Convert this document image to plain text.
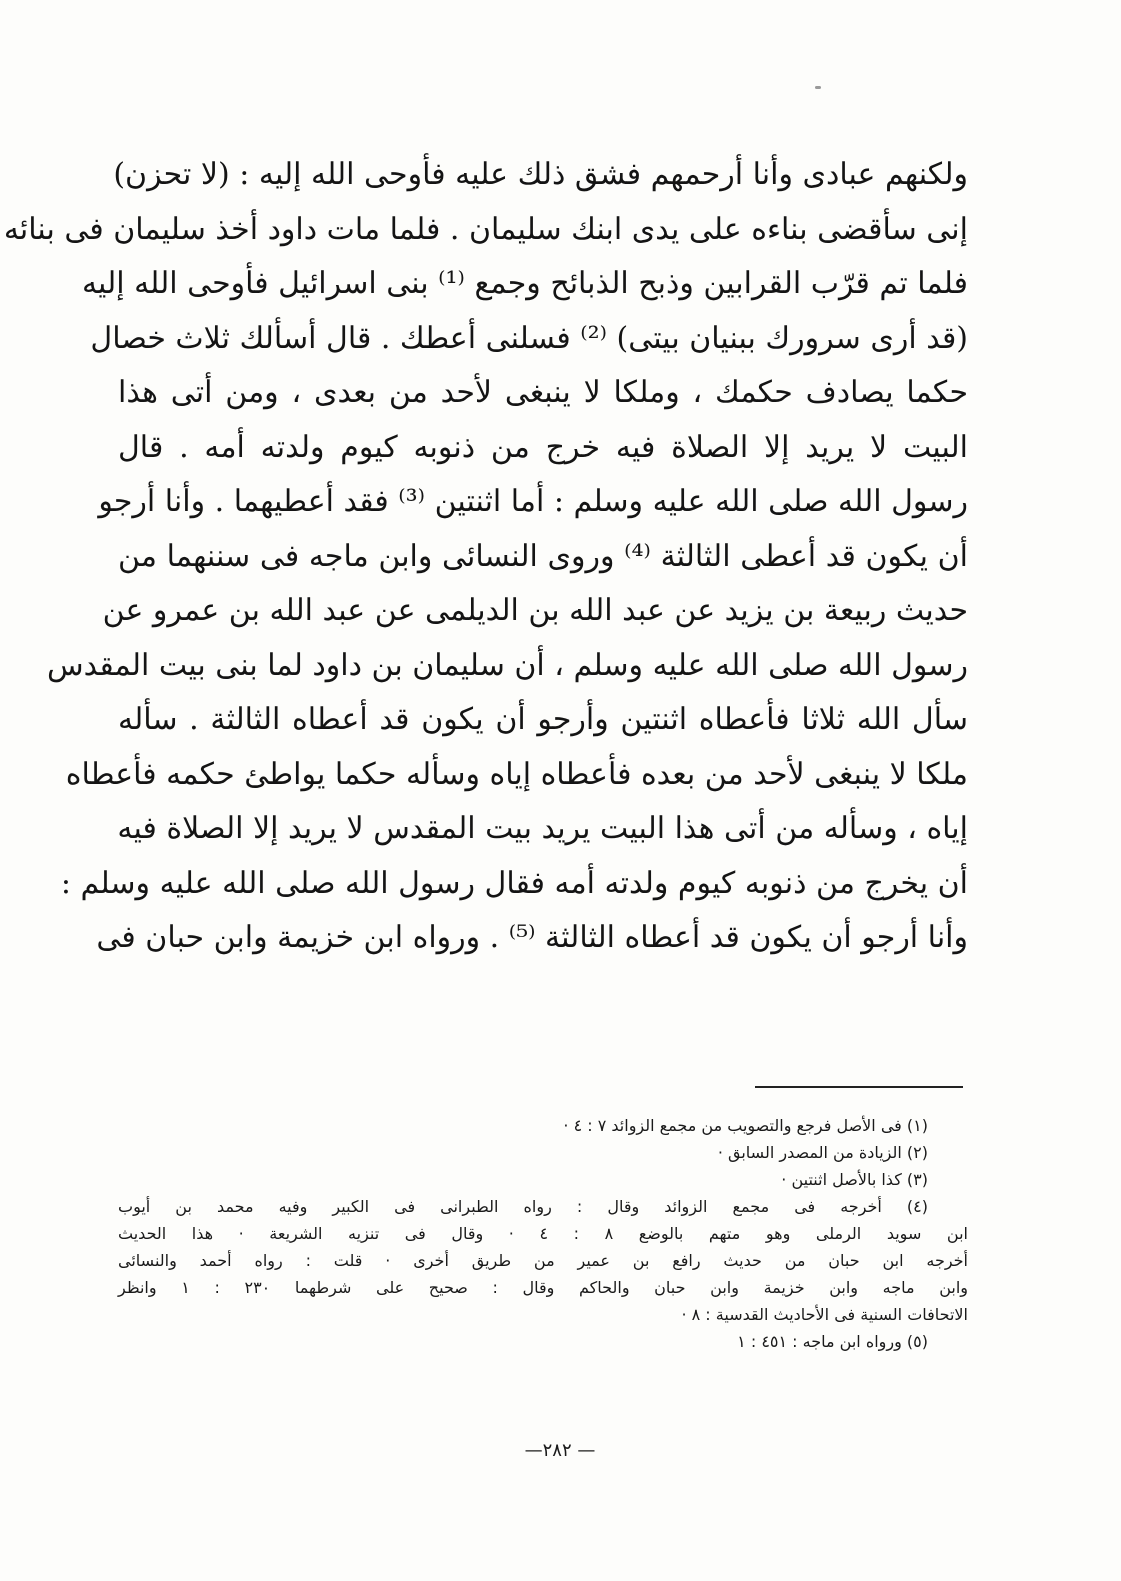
ولكنهم عبادى وأنا أرحمهم فشق ذلك عليه فأوحى الله إليه : (لا تحزن)
إنى سأقضى بناءه على يدى ابنك سليمان . فلما مات داود أخذ سليمان فى بنائه
فلما تم قرّب القرابين وذبح الذبائح وجمع ⁽¹⁾ بنى اسرائيل فأوحى الله إليه
(قد أرى سرورك ببنيان بيتى) ⁽²⁾ فسلنى أعطك . قال أسألك ثلاث خصال
حكما يصادف حكمك ، وملكا لا ينبغى لأحد من بعدى ، ومن أتى هذا
البيت لا يريد إلا الصلاة فيه خرج من ذنوبه كيوم ولدته أمه . قال
رسول الله صلى الله عليه وسلم : أما اثنتين ⁽³⁾ فقد أعطيهما . وأنا أرجو
أن يكون قد أعطى الثالثة ⁽⁴⁾ وروى النسائى وابن ماجه فى سننهما من
حديث ربيعة بن يزيد عن عبد الله بن الديلمى عن عبد الله بن عمرو عن
رسول الله صلى الله عليه وسلم ، أن سليمان بن داود لما بنى بيت المقدس
سأل الله ثلاثا فأعطاه اثنتين وأرجو أن يكون قد أعطاه الثالثة . سأله
ملكا لا ينبغى لأحد من بعده فأعطاه إياه وسأله حكما يواطئ حكمه فأعطاه
إياه ، وسأله من أتى هذا البيت يريد بيت المقدس لا يريد إلا الصلاة فيه
أن يخرج من ذنوبه كيوم ولدته أمه فقال رسول الله صلى الله عليه وسلم :
وأنا أرجو أن يكون قد أعطاه الثالثة ⁽⁵⁾ . ورواه ابن خزيمة وابن حبان فى
(١) فى الأصل فرجع والتصويب من مجمع الزوائد ٧ : ٤ ·
(٢) الزيادة من المصدر السابق ·
(٣) كذا بالأصل اثنتين ·
(٤) أخرجه فى مجمع الزوائد وقال : رواه الطبرانى فى الكبير وفيه محمد بن أيوب
ابن سويد الرملى وهو متهم بالوضع ٨ : ٤ · وقال فى تنزيه الشريعة · هذا الحديث
أخرجه ابن حبان من حديث رافع بن عمير من طريق أخرى · قلت : رواه أحمد والنسائى
وابن ماجه وابن خزيمة وابن حبان والحاكم وقال : صحيح على شرطهما ٢٣٠ : ١ وانظر
الاتحافات السنية فى الأحاديث القدسية : ٨ ·
(٥) ورواه ابن ماجه : ٤٥١ : ١
— ٢٨٢—
